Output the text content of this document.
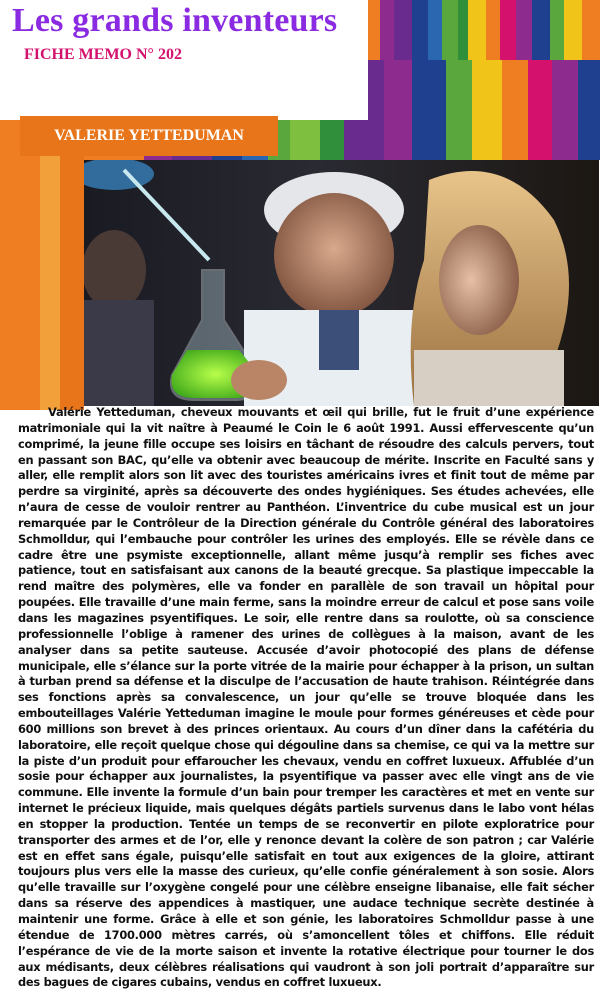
Les grands inventeurs
FICHE MEMO N° 202
VALERIE YETTEDUMAN

Valérie Yetteduman, cheveux mouvants et œil qui brille, fut le fruit d’une expérience matrimoniale qui la vit naître à Peaumé le Coin le 6 août 1991. Aussi effervescente qu’un comprimé, la jeune fille occupe ses loisirs en tâchant de résoudre des calculs pervers, tout en passant son BAC, qu’elle va obtenir avec beaucoup de mérite. Inscrite en Faculté sans y aller, elle remplit alors son lit avec des touristes américains ivres et finit tout de même par perdre sa virginité, après sa découverte des ondes hygiéniques. Ses études achevées, elle n’aura de cesse de vouloir rentrer au Panthéon. L’inventrice du cube musical est un jour remarquée par le Contrôleur de la Direction générale du Contrôle général des laboratoires Schmolldur, qui l’embauche pour contrôler les urines des employés. Elle se révèle dans ce cadre être une psymiste exceptionnelle, allant même jusqu’à remplir ses fiches avec patience, tout en satisfaisant aux canons de la beauté grecque. Sa plastique impeccable la rend maître des polymères, elle va fonder en parallèle de son travail un hôpital pour poupées. Elle travaille d’une main ferme, sans la moindre erreur de calcul et pose sans voile dans les magazines psyentifiques. Le soir, elle rentre dans sa roulotte, où sa conscience professionnelle l’oblige à ramener des urines de collègues à la maison, avant de les analyser dans sa petite sauteuse. Accusée d’avoir photocopié des plans de défense municipale, elle s’élance sur la porte vitrée de la mairie pour échapper à la prison, un sultan à turban prend sa défense et la disculpe de l’accusation de haute trahison. Réintégrée dans ses fonctions après sa convalescence, un jour qu’elle se trouve bloquée dans les embouteillages Valérie Yetteduman imagine le moule pour formes généreuses et cède pour 600 millions son brevet à des princes orientaux. Au cours d’un dîner dans la cafétéria du laboratoire, elle reçoit quelque chose qui dégouline dans sa chemise, ce qui va la mettre sur la piste d’un produit pour effaroucher les chevaux, vendu en coffret luxueux. Affublée d’un sosie pour échapper aux journalistes, la psyentifique va passer avec elle vingt ans de vie commune. Elle invente la formule d’un bain pour tremper les caractères et met en vente sur internet le précieux liquide, mais quelques dégâts partiels survenus dans le labo vont hélas en stopper la production. Tentée un temps de se reconvertir en pilote exploratrice pour transporter des armes et de l’or, elle y renonce devant la colère de son patron ; car Valérie est en effet sans égale, puisqu’elle satisfait en tout aux exigences de la gloire, attirant toujours plus vers elle la masse des curieux, qu’elle confie généralement à son sosie. Alors qu’elle travaille sur l’oxygène congelé pour une célèbre enseigne libanaise, elle fait sécher dans sa réserve des appendices à mastiquer, une audace technique secrète destinée à maintenir une forme. Grâce à elle et son génie, les laboratoires Schmolldur passe à une étendue de 1700.000 mètres carrés, où s’amoncellent tôles et chiffons. Elle réduit l’espérance de vie de la morte saison et invente la rotative électrique pour tourner le dos aux médisants, deux célèbres réalisations qui vaudront à son joli portrait d’apparaître sur des bagues de cigares cubains, vendus en coffret luxueux.
